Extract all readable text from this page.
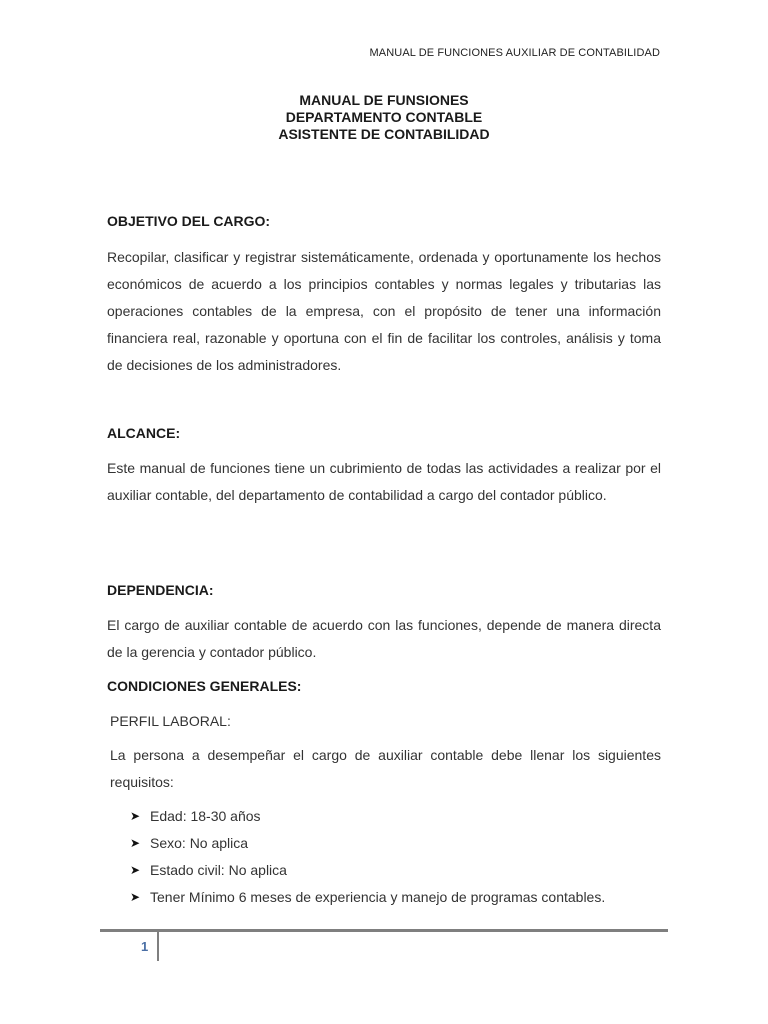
MANUAL DE FUNCIONES AUXILIAR DE CONTABILIDAD
MANUAL DE FUNSIONES
DEPARTAMENTO CONTABLE
ASISTENTE DE CONTABILIDAD
OBJETIVO DEL CARGO:
Recopilar, clasificar y registrar sistemáticamente, ordenada y oportunamente los hechos económicos de acuerdo a los principios contables y normas legales y tributarias las operaciones contables de la empresa, con el propósito de tener una información financiera real, razonable y oportuna con el fin de facilitar los controles, análisis y toma de decisiones de los administradores.
ALCANCE:
Este manual de funciones tiene un cubrimiento de todas las actividades a realizar por el auxiliar contable, del departamento de contabilidad a cargo del contador público.
DEPENDENCIA:
El cargo de auxiliar contable de acuerdo con las funciones, depende de manera directa de la gerencia y contador público.
CONDICIONES GENERALES:
PERFIL LABORAL:
La persona a desempeñar el cargo de auxiliar contable debe llenar los siguientes requisitos:
➤ Edad: 18-30 años
➤ Sexo: No aplica
➤ Estado civil: No aplica
➤ Tener Mínimo 6 meses de experiencia y manejo de programas contables.
1
